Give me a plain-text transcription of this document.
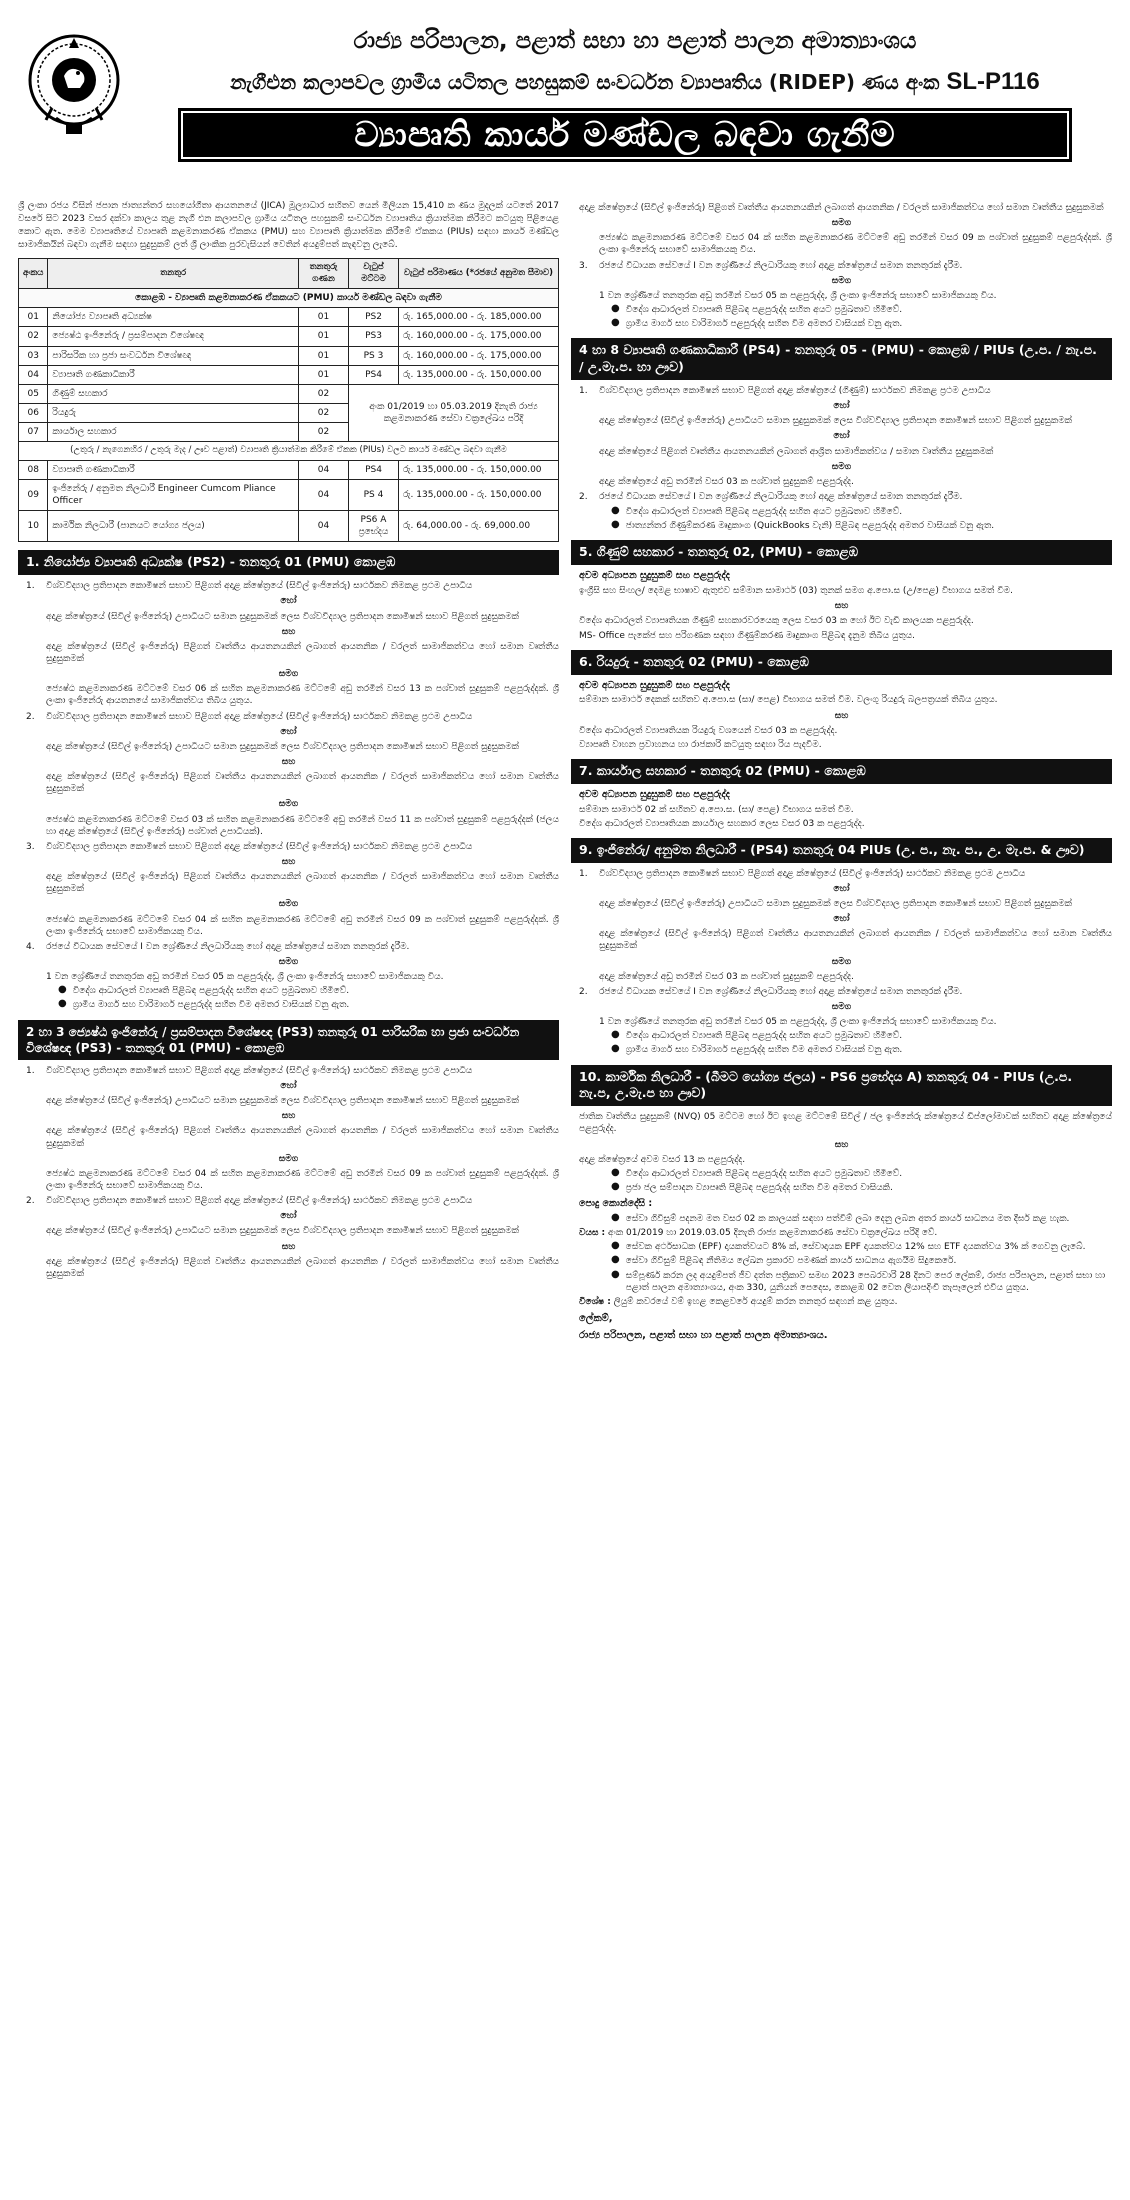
රාජ්‍ය පරිපාලන, පළාත් සභා හා පළාත් පාලන අමාත්‍යාංශය
නැගීඑන කලාපවල ග්‍රාමීය යටිතල පහසුකම් සංවර්ධන ව්‍යාපෘතිය (RIDEP) ණය අංක SL-P116
ව්‍යාපෘති කාර්ය මණ්ඩල බඳවා ගැනීම

ශ්‍රී ලංකා රජය විසින් ජපාන ජාත්‍යන්තර සහයෝගීතා ආයතනයේ (JICA) මූල්‍යාධාර සහිතව යෙන් මිලියන 15,410 ක ණය මුදලක් යටතේ 2017 වසරේ සිට 2023 වසර දක්වා කාලය තුළ නැගී එන කලාපවල ග්‍රාමීය යටිතල පහසුකම් සංවර්ධන ව්‍යාපෘතිය ක්‍රියාත්මක කිරීමට කටයුතු පිළියෙළ කොට ඇත. මෙම ව්‍යාපෘතියේ ව්‍යාපෘති කළමනාකරණ ඒකකය (PMU) සහ ව්‍යාපෘති ක්‍රියාත්මක කිරීමේ ඒකකය (PIUs) සඳහා කාර්ය මණ්ඩල සාමාජිකයින් බඳවා ගැනීම සඳහා සුදුසුකම් ලත් ශ්‍රී ලාංකික පුරවැසියන් වෙතින් අයදුම්පත් කැඳවනු ලැබේ.

අංකය	තනතුර	තනතුරු ගණන	වැටුප් මට්ටම	වැටුප් පරිමාණය (*රජයේ අනුමත සීමාව)
කොළඹ - ව්‍යාපෘති කළමනාකරණ ඒකකයට (PMU) කාර්ය මණ්ඩල බඳවා ගැනීම				
01	නියෝජ්‍ය ව්‍යාපෘති අධ්‍යක්ෂ	01	PS2	රු. 165,000.00 - රු. 185,000.00
02	ජ්‍යෙෂ්ඨ ඉංජිනේරු / ප්‍රසම්පාදන විශේෂඥ	01	PS3	රු. 160,000.00 - රු. 175,000.00
03	පාරිසරික හා ප්‍රජා සංවර්ධන විශේෂඥ	01	PS 3	රු. 160,000.00 - රු. 175,000.00
04	ව්‍යාපෘති ගණකාධිකාරී	01	PS4	රු. 135,000.00 - රු. 150,000.00
05	ගිණුම් සහකාර	02	අංක 01/2019 හා 05.03.2019 දිනැති රාජ්‍ය කළමනාකරණ සේවා චක්‍රලේඛය පරිදි	
06	රියදුරු	02		
07	කාර්යාල සහකාර	02		
(උතුරු / නැගෙනහිර / උතුරු මැද / ඌව පළාත්) ව්‍යාපෘති ක්‍රියාත්මක කිරීමේ ඒකක (PIUs) වලට කාර්ය මණ්ඩල බඳවා ගැනීම				
08	ව්‍යාපෘති ගණකාධිකාරී	04	PS4	රු. 135,000.00 - රු. 150,000.00
09	ඉංජිනේරු / අනුමත නිලධාරී Engineer Cumcom Pliance Officer	04	PS 4	රු. 135,000.00 - රු. 150,000.00
10	කාර්මික නිලධාරී (පානයට යෝග්‍ය ජලය)	04	PS6 A ප්‍රභේදය	රු. 64,000.00 - රු. 69,000.00
1. නියෝජ්‍ය ව්‍යාපෘති අධ්‍යක්ෂ (PS2) - තනතුරු 01 (PMU) කොළඹ
1.	විශ්වවිද්‍යාල ප්‍රතිපාදන කොමිෂන් සභාව පිළිගත් අදාළ ක්ෂේත්‍රයේ (සිවිල් ඉංජිනේරු) සාර්ථකව නිමකළ ප්‍රථම උපාධිය
හෝ
අදාළ ක්ෂේත්‍රයේ (සිවිල් ඉංජිනේරු) උපාධියට සමාන සුදුසුකමක් ලෙස විශ්වවිද්‍යාල ප්‍රතිපාදන කොමිෂන් සභාව පිළිගත් සුදුසුකමක්
සහ
අදාළ ක්ෂේත්‍රයේ (සිවිල් ඉංජිනේරු) පිළිගත් වෘත්තීය ආයතනයකින් ලබාගත් ආයතනික / වරලත් සාමාජිකත්වය හෝ සමාන වෘත්තීය සුදුසුකමක්
සමග
ජ්‍යෙෂ්ඨ කළමනාකරණ මට්ටමේ වසර 06 ක් සහිත කළමනාකරණ මට්ටමේ අඩු තරමින් වසර 13 ක පශ්චාත් සුදුසුකම් පළපුරුද්දක්. ශ්‍රී ලංකා ඉංජිනේරු ආයතනයේ සාමාජිකත්වය තිබිය යුතුය.
2.	විශ්වවිද්‍යාල ප්‍රතිපාදන කොමිෂන් සභාව පිළිගත් අදාළ ක්ෂේත්‍රයේ (සිවිල් ඉංජිනේරු) සාර්ථකව නිමකළ ප්‍රථම උපාධිය
හෝ
අදාළ ක්ෂේත්‍රයේ (සිවිල් ඉංජිනේරු) උපාධියට සමාන සුදුසුකමක් ලෙස විශ්වවිද්‍යාල ප්‍රතිපාදන කොමිෂන් සභාව පිළිගත් සුදුසුකමක්
සහ
අදාළ ක්ෂේත්‍රයේ (සිවිල් ඉංජිනේරු) පිළිගත් වෘත්තීය ආයතනයකින් ලබාගත් ආයතනික / වරලත් සාමාජිකත්වය හෝ සමාන වෘත්තීය සුදුසුකමක්
සමග
ජ්‍යෙෂ්ඨ කළමනාකරණ මට්ටමේ වසර 03 ක් සහිත කළමනාකරණ මට්ටමේ අඩු තරමින් වසර 11 ක පශ්චාත් සුදුසුකම් පළපුරුද්දක් (ජලය හා අදාළ ක්ෂේත්‍රයේ (සිවිල් ඉංජිනේරු) පශ්චාත් උපාධියක්).
3.	විශ්වවිද්‍යාල ප්‍රතිපාදන කොමිෂන් සභාව පිළිගත් අදාළ ක්ෂේත්‍රයේ (සිවිල් ඉංජිනේරු) සාර්ථකව නිමකළ ප්‍රථම උපාධිය
සහ
අදාළ ක්ෂේත්‍රයේ (සිවිල් ඉංජිනේරු) පිළිගත් වෘත්තීය ආයතනයකින් ලබාගත් ආයතනික / වරලත් සාමාජිකත්වය හෝ සමාන වෘත්තීය සුදුසුකමක්
සමග
ජ්‍යෙෂ්ඨ කළමනාකරණ මට්ටමේ වසර 04 ක් සහිත කළමනාකරණ මට්ටමේ අඩු තරමින් වසර 09 ක පශ්චාත් සුදුසුකම් පළපුරුද්දක්. ශ්‍රී ලංකා ඉංජිනේරු සභාවේ සාමාජිකයකු විය.
4.	රජයේ විධායක සේවයේ I වන ශ්‍රේණියේ නිලධාරියකු හෝ අදාළ ක්ෂේත්‍රයේ සමාන තනතුරක් දැරීම.
සමග
1 වන ශ්‍රේණියේ තනතුරක අඩු තරමින් වසර 05 ක පළපුරුද්ද, ශ්‍රී ලංකා ඉංජිනේරු සභාවේ සාමාජිකයකු විය.
● විදේශ ආධාරලත් ව්‍යාපෘති පිළිබඳ පළපුරුද්ද සහිත අයට ප්‍රමුඛතාව හිමිවේ.
● ග්‍රාමීය මාර්ග සහ වාරිමාර්ග පළපුරුද්ද සහිත විම අමතර වාසියක් වනු ඇත.
2 හා 3 ජ්‍යෙෂ්ඨ ඉංජිනේරු / ප්‍රසම්පාදන විශේෂඥ (PS3) තනතුරු 01 පාරිසරික හා ප්‍රජා සංවර්ධන විශේෂඥ (PS3) - තනතුරු 01 (PMU) - කොළඹ
1.	විශ්වවිද්‍යාල ප්‍රතිපාදන කොමිෂන් සභාව පිළිගත් අදාළ ක්ෂේත්‍රයේ (සිවිල් ඉංජිනේරු) සාර්ථකව නිමකළ ප්‍රථම උපාධිය
හෝ
අදාළ ක්ෂේත්‍රයේ (සිවිල් ඉංජිනේරු) උපාධියට සමාන සුදුසුකමක් ලෙස විශ්වවිද්‍යාල ප්‍රතිපාදන කොමිෂන් සභාව පිළිගත් සුදුසුකමක්
සහ
අදාළ ක්ෂේත්‍රයේ (සිවිල් ඉංජිනේරු) පිළිගත් වෘත්තීය ආයතනයකින් ලබාගත් ආයතනික / වරලත් සාමාජිකත්වය හෝ සමාන වෘත්තීය සුදුසුකමක්
සමග
ජ්‍යෙෂ්ඨ කළමනාකරණ මට්ටමේ වසර 04 ක් සහිත කළමනාකරණ මට්ටමේ අඩු තරමින් වසර 09 ක පශ්චාත් සුදුසුකම් පළපුරුද්දක්. ශ්‍රී ලංකා ඉංජිනේරු සභාවේ සාමාජිකයකු විය.
2.	විශ්වවිද්‍යාල ප්‍රතිපාදන කොමිෂන් සභාව පිළිගත් අදාළ ක්ෂේත්‍රයේ (සිවිල් ඉංජිනේරු) සාර්ථකව නිමකළ ප්‍රථම උපාධිය
හෝ
අදාළ ක්ෂේත්‍රයේ (සිවිල් ඉංජිනේරු) උපාධියට සමාන සුදුසුකමක් ලෙස විශ්වවිද්‍යාල ප්‍රතිපාදන කොමිෂන් සභාව පිළිගත් සුදුසුකමක්
සහ
අදාළ ක්ෂේත්‍රයේ (සිවිල් ඉංජිනේරු) පිළිගත් වෘත්තීය ආයතනයකින් ලබාගත් ආයතනික / වරලත් සාමාජිකත්වය හෝ සමාන වෘත්තීය සුදුසුකමක්
අදාළ ක්ෂේත්‍රයේ (සිවිල් ඉංජිනේරු) පිළිගත් වෘත්තීය ආයතනයකින් ලබාගත් ආයතනික / වරලත් සාමාජිකත්වය හෝ සමාන වෘත්තීය සුදුසුකමක්
සමග
ජ්‍යෙෂ්ඨ කළමනාකරණ මට්ටමේ වසර 04 ක් සහිත කළමනාකරණ මට්ටමේ අඩු තරමින් වසර 09 ක පශ්චාත් සුදුසුකම් පළපුරුද්දක්. ශ්‍රී ලංකා ඉංජිනේරු සභාවේ සාමාජිකයකු විය.
3.	රජයේ විධායක සේවයේ I වන ශ්‍රේණියේ නිලධාරියකු හෝ අදාළ ක්ෂේත්‍රයේ සමාන තනතුරක් දැරීම.
සමග
1 වන ශ්‍රේණියේ තනතුරක අඩු තරමින් වසර 05 ක පළපුරුද්ද, ශ්‍රී ලංකා ඉංජිනේරු සභාවේ සාමාජිකයකු විය.
● විදේශ ආධාරලත් ව්‍යාපෘති පිළිබඳ පළපුරුද්ද සහිත අයට ප්‍රමුඛතාව හිමිවේ.
● ග්‍රාමීය මාර්ග සහ වාරිමාර්ග පළපුරුද්ද සහිත විම අමතර වාසියක් වනු ඇත.
4 හා 8 ව්‍යාපෘති ගණකාධිකාරී (PS4) - තනතුරු 05 - (PMU) - කොළඹ / PIUs (උ.ප. / නැ.ප. / උ.මැ.ප. හා ඌව)
1.	විශ්වවිද්‍යාල ප්‍රතිපාදන කොමිෂන් සභාව පිළිගත් අදාළ ක්ෂේත්‍රයේ (ගිණුම්) සාර්ථකව නිමකළ ප්‍රථම උපාධිය
හෝ
අදාළ ක්ෂේත්‍රයේ (සිවිල් ඉංජිනේරු) උපාධියට සමාන සුදුසුකමක් ලෙස විශ්වවිද්‍යාල ප්‍රතිපාදන කොමිෂන් සභාව පිළිගත් සුදුසුකමක්
හෝ
අදාළ ක්ෂේත්‍රයේ පිළිගත් වෘත්තීය ආයතනයකින් ලබාගත් ආශ්‍රිත සාමාජිකත්වය / සමාන වෘත්තීය සුදුසුකමක්
සමග
අදාළ ක්ෂේත්‍රයේ අඩු තරමින් වසර 03 ක පශ්චාත් සුදුසුකම් පළපුරුද්ද.
2.	රජයේ විධායක සේවයේ I වන ශ්‍රේණියේ නිලධාරියකු හෝ අදාළ ක්ෂේත්‍රයේ සමාන තනතුරක් දැරීම.
● විදේශ ආධාරලත් ව්‍යාපෘති පිළිබඳ පළපුරුද්ද සහිත අයට ප්‍රමුඛතාව හිමිවේ.
● ජාත්‍යන්තර ගිණුම්කරණ මෘදුකාංග (QuickBooks වැනි) පිළිබඳ පළපුරුද්ද අමතර වාසියක් වනු ඇත.
5. ගිණුම් සහකාර - තනතුරු 02, (PMU) - කොළඹ
අවම අධ්‍යාපන සුදුසුකම් සහ පළපුරුද්ද
ඉංග්‍රීසි සහ සිංහල/ දෙමළ භාෂාව ඇතුළුව සම්මාන සාමාර්ථ (03) තුනක් සමග අ.පො.ස (උ/පෙළ) විභාගය සමත් වීම.
සහ
විදේශ ආධාරලත් ව්‍යාපෘතියක ගිණුම් සහකාරවරයෙකු ලෙස වසර 03 ක හෝ ඊට වැඩි කාලයක පළපුරුද්ද.
MS- Office පැකේජ සහ පරිගණක සඳහා ගිණුම්කරණ මෘදුකාංග පිළිබඳ දැනුම තිබිය යුතුය.
6. රියදුරු - තනතුරු 02 (PMU) - කොළඹ
අවම අධ්‍යාපන සුදුසුකම් සහ පළපුරුද්ද
සම්මාන සාමාර්ථ දෙකක් සහිතව අ.පො.ස (සා/ පෙළ) විභාගය සමත් වීම. වලංගු රියදුරු බලපත්‍රයක් තිබිය යුතුය.
සහ
විදේශ ආධාරලත් ව්‍යාපෘතියක රියදුරු වශයෙන් වසර 03 ක පළපුරුද්ද.
ව්‍යාපෘති වාහන ප්‍රවාහනය හා රාජකාරි කටයුතු සඳහා රිය පැදවීම.
7. කාර්යාල සහකාර - තනතුරු 02 (PMU) - කොළඹ
අවම අධ්‍යාපන සුදුසුකම් සහ පළපුරුද්ද
සම්මාන සාමාර්ථ 02 ක් සහිතව අ.පො.ස. (සා/ පෙළ) විභාගය සමත් වීම.
විදේශ ආධාරලත් ව්‍යාපෘතියක කාර්යාල සහකාර ලෙස වසර 03 ක පළපුරුද්ද.
9. ඉංජිනේරු/ අනුමත නිලධාරී - (PS4) තනතුරු 04 PIUs (උ. ප., නැ. ප., උ. මැ.ප. & ඌව)
1.	විශ්වවිද්‍යාල ප්‍රතිපාදන කොමිෂන් සභාව පිළිගත් අදාළ ක්ෂේත්‍රයේ (සිවිල් ඉංජිනේරු) සාර්ථකව නිමකළ ප්‍රථම උපාධිය
හෝ
අදාළ ක්ෂේත්‍රයේ (සිවිල් ඉංජිනේරු) උපාධියට සමාන සුදුසුකමක් ලෙස විශ්වවිද්‍යාල ප්‍රතිපාදන කොමිෂන් සභාව පිළිගත් සුදුසුකමක්
හෝ
අදාළ ක්ෂේත්‍රයේ (සිවිල් ඉංජිනේරු) පිළිගත් වෘත්තීය ආයතනයකින් ලබාගත් ආයතනික / වරලත් සාමාජිකත්වය හෝ සමාන වෘත්තීය සුදුසුකමක්
සමග
අදාළ ක්ෂේත්‍රයේ අඩු තරමින් වසර 03 ක පශ්චාත් සුදුසුකම් පළපුරුද්ද.
2.	රජයේ විධායක සේවයේ I වන ශ්‍රේණියේ නිලධාරියකු හෝ අදාළ ක්ෂේත්‍රයේ සමාන තනතුරක් දැරීම.
සමග
1 වන ශ්‍රේණියේ තනතුරක අඩු තරමින් වසර 05 ක පළපුරුද්ද, ශ්‍රී ලංකා ඉංජිනේරු සභාවේ සාමාජිකයකු විය.
● විදේශ ආධාරලත් ව්‍යාපෘති පිළිබඳ පළපුරුද්ද සහිත අයට ප්‍රමුඛතාව හිමිවේ.
● ග්‍රාමීය මාර්ග සහ වාරිමාර්ග පළපුරුද්ද සහිත විම අමතර වාසියක් වනු ඇත.
10. කාර්මික නිලධාරී - (බීමට යෝග්‍ය ජලය) - PS6 ප්‍රභේදය A) තනතුරු 04 - PIUs (උ.ප. නැ.ප, උ.මැ.ප හා ඌව)
ජාතික වෘත්තීය සුදුසුකම් (NVQ) 05 මට්ටම හෝ ඊට ඉහළ මට්ටමේ සිවිල් / ජල ඉංජිනේරු ක්ෂේත්‍රයේ ඩිප්ලෝමාවක් සහිතව අදාළ ක්ෂේත්‍රයේ පළපුරුද්ද.
සහ
අදාළ ක්ෂේත්‍රයේ අවම වසර 13 ක පළපුරුද්ද.
● විදේශ ආධාරලත් ව්‍යාපෘති පිළිබඳ පළපුරුද්ද සහිත අයට ප්‍රමුඛතාව හිමිවේ.
● ප්‍රජා ජල සම්පාදන ව්‍යාපෘති පිළිබඳ පළපුරුද්ද සහිත විම අමතර වාසියකි.
පොදු කොන්දේසි :
● සේවා ගිවිසුම් පදනම මත වසර 02 ක කාලයක් සඳහා පත්වීම් ලබා දෙනු ලබන අතර කාර්ය සාධනය මත දීර්ඝ කළ හැක.
වයස : අංක 01/2019 හා 2019.03.05 දිනැති රාජ්‍ය කළමනාකරණ සේවා චක්‍රලේඛය පරිදි වේ.
● සේවක අර්ථසාධක (EPF) දායකත්වයට 8% ක්, සේවාදායක EPF දායකත්වය 12% සහ ETF දායකත්වය 3% ක් ගෙවනු ලැබේ.
● සේවා ගිවිසුම් පිළිබඳ නීතිමය ලේඛන ප්‍රකාරව පමණක් කාර්ය සාධනය ඇගයීම සිදුකෙරේ.
● සම්පූර්ණ කරන ලද අයදුම්පත් ජීව දත්ත පත්‍රිකාව සමඟ 2023 පෙබරවාරි 28 දිනට පෙර ලේකම්, රාජ්‍ය පරිපාලන, පළාත් සභා හා පළාත් පාලන අමාත්‍යාංශය, අංක 330, යුනියන් පෙදෙස, කොළඹ 02 වෙත ලියාපදිංචි තැපෑලෙන් එවිය යුතුය.
විශේෂ : ලියුම් කවරයේ වම් ඉහළ කෙළවරේ අයදුම් කරන තනතුර සඳහන් කළ යුතුය.
ලේකම්,
රාජ්‍ය පරිපාලන, පළාත් සභා හා පළාත් පාලන අමාත්‍යාංශය.
